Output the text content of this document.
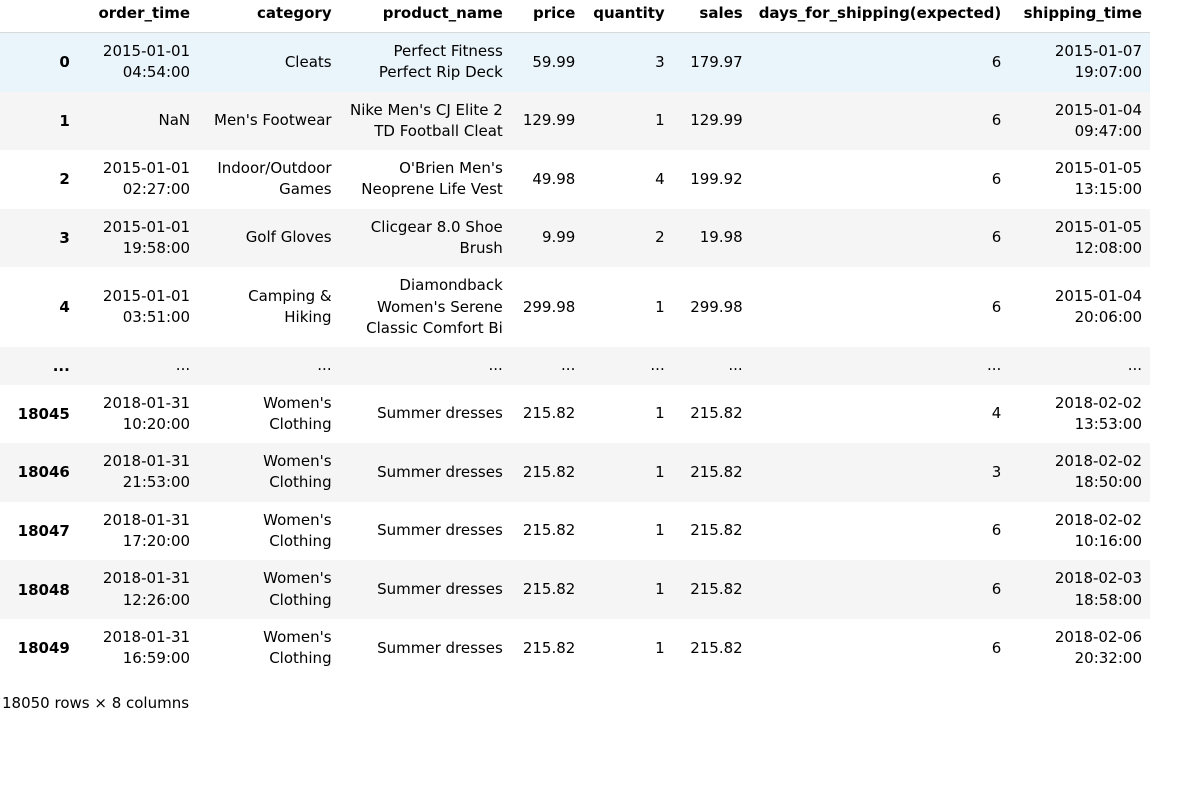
	order_time	category	product_name	price	quantity	sales	days_for_shipping(expected)	shipping_time
0	2015-01-01 04:54:00	Cleats	Perfect Fitness Perfect Rip Deck	59.99	3	179.97	6	2015-01-07 19:07:00
1	NaN	Men's Footwear	Nike Men's CJ Elite 2 TD Football Cleat	129.99	1	129.99	6	2015-01-04 09:47:00
2	2015-01-01 02:27:00	Indoor/Outdoor Games	O'Brien Men's Neoprene Life Vest	49.98	4	199.92	6	2015-01-05 13:15:00
3	2015-01-01 19:58:00	Golf Gloves	Clicgear 8.0 Shoe Brush	9.99	2	19.98	6	2015-01-05 12:08:00
4	2015-01-01 03:51:00	Camping & Hiking	Diamondback Women's Serene Classic Comfort Bi	299.98	1	299.98	6	2015-01-04 20:06:00
...	...	...	...	...	...	...	...	...
18045	2018-01-31 10:20:00	Women's Clothing	Summer dresses	215.82	1	215.82	4	2018-02-02 13:53:00
18046	2018-01-31 21:53:00	Women's Clothing	Summer dresses	215.82	1	215.82	3	2018-02-02 18:50:00
18047	2018-01-31 17:20:00	Women's Clothing	Summer dresses	215.82	1	215.82	6	2018-02-02 10:16:00
18048	2018-01-31 12:26:00	Women's Clothing	Summer dresses	215.82	1	215.82	6	2018-02-03 18:58:00
18049	2018-01-31 16:59:00	Women's Clothing	Summer dresses	215.82	1	215.82	6	2018-02-06 20:32:00
18050 rows × 8 columns
